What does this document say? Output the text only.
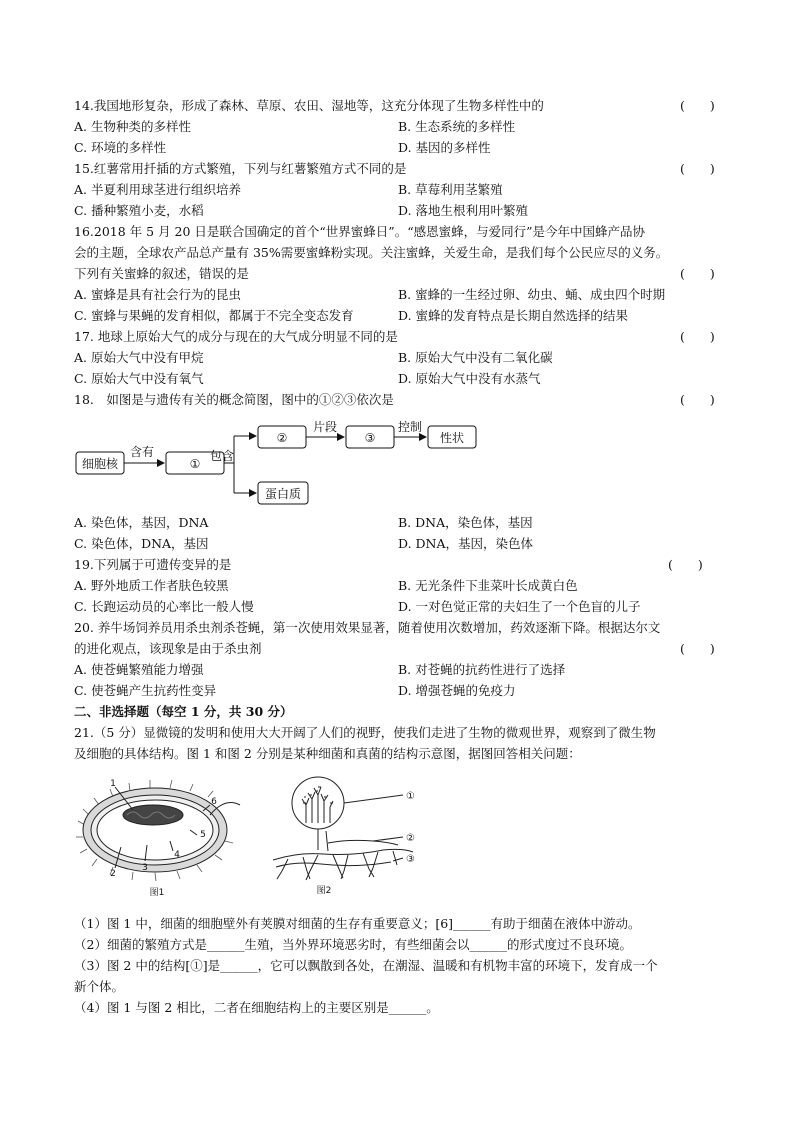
14.我国地形复杂，形成了森林、草原、农田、湿地等，这充分体现了生物多样性中的	(　　)
A. 生物种类的多样性	B. 生态系统的多样性
C. 环境的多样性	D. 基因的多样性
15.红薯常用扦插的方式繁殖，下列与红薯繁殖方式不同的是	(　　)
A. 半夏利用球茎进行组织培养	B. 草莓利用茎繁殖
C. 播种繁殖小麦，水稻	D. 落地生根利用叶繁殖
16.2018 年 5 月 20 日是联合国确定的首个“世界蜜蜂日”。“感恩蜜蜂，与爱同行”是今年中国蜂产品协
会的主题，全球农产品总产量有 35%需要蜜蜂粉实现。关注蜜蜂，关爱生命，是我们每个公民应尽的义务。
下列有关蜜蜂的叙述，错误的是	(　　)
A. 蜜蜂是具有社会行为的昆虫	B. 蜜蜂的一生经过卵、幼虫、蛹、成虫四个时期
C. 蜜蜂与果蝇的发育相似，都属于不完全变态发育	D. 蜜蜂的发育特点是长期自然选择的结果
17. 地球上原始大气的成分与现在的大气成分明显不同的是	(　　)
A. 原始大气中没有甲烷	B. 原始大气中没有二氧化碳
C. 原始大气中没有氧气	D. 原始大气中没有水蒸气
18.　如图是与遗传有关的概念简图，图中的①②③依次是	(　　)
细胞核	①
②	③	性状
蛋白质
含有	包含
片段	控制
A. 染色体，基因，DNA	B. DNA，染色体，基因
C. 染色体，DNA，基因	D. DNA，基因，染色体
19.下列属于可遗传变异的是	(　　)
A. 野外地质工作者肤色较黑	B. 无光条件下韭菜叶长成黄白色
C. 长跑运动员的心率比一般人慢	D. 一对色觉正常的夫妇生了一个色盲的儿子
20. 养牛场饲养员用杀虫剂杀苍蝇，第一次使用效果显著，随着使用次数增加，药效逐渐下降。根据达尔文
的进化观点，该现象是由于杀虫剂	(　　)
A. 使苍蝇繁殖能力增强	B. 对苍蝇的抗药性进行了选择
C. 使苍蝇产生抗药性变异	D. 增强苍蝇的免疫力
二、非选择题（每空 1 分，共 30 分）
21.（5 分）显微镜的发明和使用大大开阔了人们的视野，使我们走进了生物的微观世界，观察到了微生物
及细胞的具体结构。图 1 和图 2 分别是某种细菌和真菌的结构示意图，据图回答相关问题：
1
2
3
4
5
6
图1
①
②
③
图2
（1）图 1 中，细菌的细胞壁外有荚膜对细菌的生存有重要意义；[6]______有助于细菌在液体中游动。
（2）细菌的繁殖方式是______生殖，当外界环境恶劣时，有些细菌会以______的形式度过不良环境。
（3）图 2 中的结构[①]是______，它可以飘散到各处，在潮湿、温暖和有机物丰富的环境下，发育成一个
新个体。
（4）图 1 与图 2 相比，二者在细胞结构上的主要区别是______。
